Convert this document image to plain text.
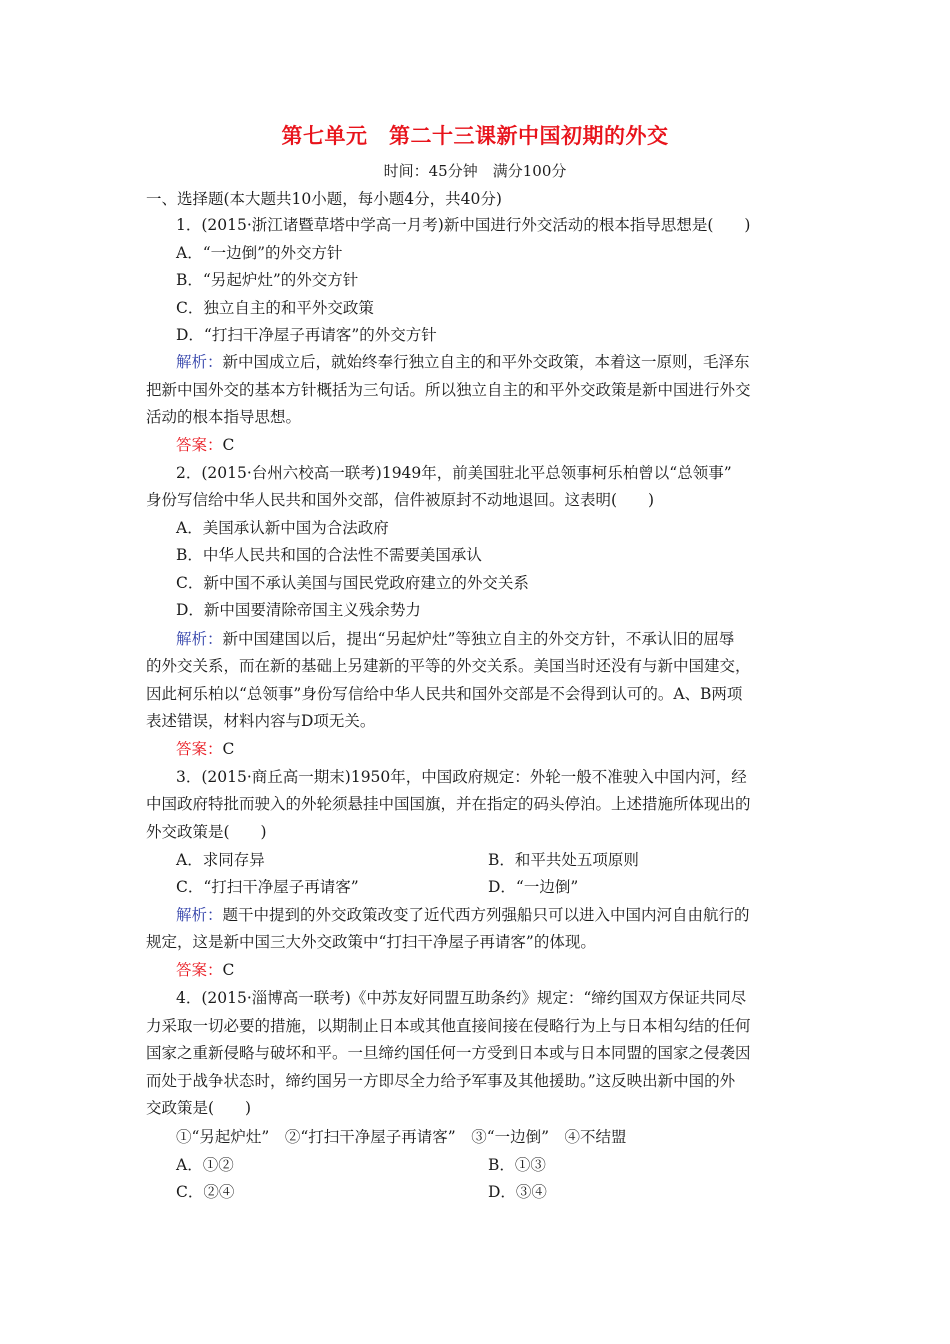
第七单元　第二十三课新中国初期的外交
时间：45分钟　满分100分
一、选择题(本大题共10小题，每小题4分，共40分)
1．(2015·浙江诸暨草塔中学高一月考)新中国进行外交活动的根本指导思想是(　　)
A．“一边倒”的外交方针
B．“另起炉灶”的外交方针
C．独立自主的和平外交政策
D．“打扫干净屋子再请客”的外交方针
解析：新中国成立后，就始终奉行独立自主的和平外交政策，本着这一原则，毛泽东
把新中国外交的基本方针概括为三句话。所以独立自主的和平外交政策是新中国进行外交
活动的根本指导思想。
答案：C
2．(2015·台州六校高一联考)1949年，前美国驻北平总领事柯乐柏曾以“总领事”
身份写信给中华人民共和国外交部，信件被原封不动地退回。这表明(　　)
A．美国承认新中国为合法政府
B．中华人民共和国的合法性不需要美国承认
C．新中国不承认美国与国民党政府建立的外交关系
D．新中国要清除帝国主义残余势力
解析：新中国建国以后，提出“另起炉灶”等独立自主的外交方针，不承认旧的屈辱
的外交关系，而在新的基础上另建新的平等的外交关系。美国当时还没有与新中国建交，
因此柯乐柏以“总领事”身份写信给中华人民共和国外交部是不会得到认可的。A、B两项
表述错误，材料内容与D项无关。
答案：C
3．(2015·商丘高一期末)1950年，中国政府规定：外轮一般不准驶入中国内河，经
中国政府特批而驶入的外轮须悬挂中国国旗，并在指定的码头停泊。上述措施所体现出的
外交政策是(　　)
A．求同存异	B．和平共处五项原则
C．“打扫干净屋子再请客”	D．“一边倒”
解析：题干中提到的外交政策改变了近代西方列强船只可以进入中国内河自由航行的
规定，这是新中国三大外交政策中“打扫干净屋子再请客”的体现。
答案：C
4．(2015·淄博高一联考)《中苏友好同盟互助条约》规定：“缔约国双方保证共同尽
力采取一切必要的措施，以期制止日本或其他直接间接在侵略行为上与日本相勾结的任何
国家之重新侵略与破坏和平。一旦缔约国任何一方受到日本或与日本同盟的国家之侵袭因
而处于战争状态时，缔约国另一方即尽全力给予军事及其他援助。”这反映出新中国的外
交政策是(　　)
①“另起炉灶”　②“打扫干净屋子再请客”　③“一边倒”　④不结盟
A．①②	B．①③
C．②④	D．③④
